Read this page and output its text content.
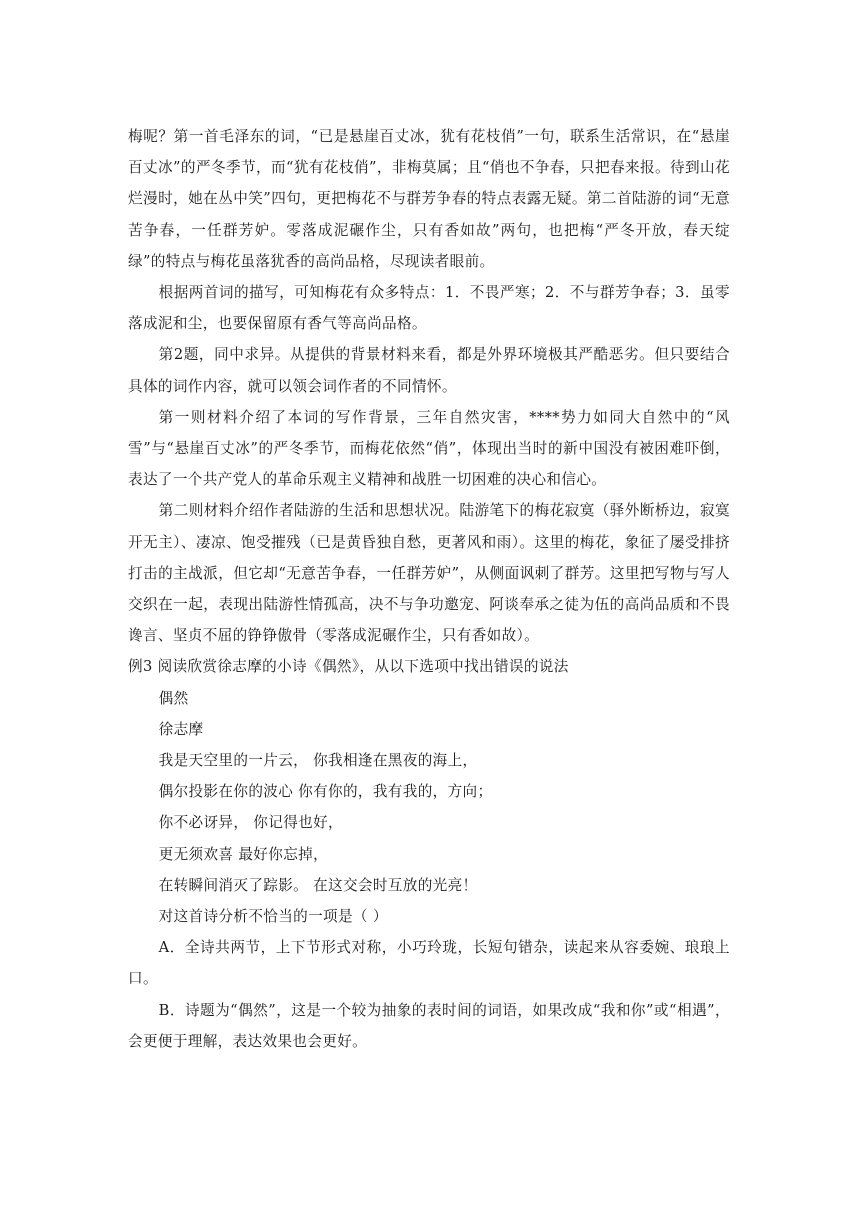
梅呢？第一首毛泽东的词，“已是悬崖百丈冰，犹有花枝俏”一句，联系生活常识，在“悬崖百丈冰”的严冬季节，而“犹有花枝俏”，非梅莫属；且“俏也不争春，只把春来报。待到山花烂漫时，她在丛中笑”四句，更把梅花不与群芳争春的特点表露无疑。第二首陆游的词“无意苦争春，一任群芳妒。零落成泥碾作尘，只有香如故”两句，也把梅“严冬开放，春天绽绿”的特点与梅花虽落犹香的高尚品格，尽现读者眼前。

根据两首词的描写，可知梅花有众多特点：1．不畏严寒；2．不与群芳争春；3．虽零落成泥和尘，也要保留原有香气等高尚品格。

第2题，同中求异。从提供的背景材料来看，都是外界环境极其严酷恶劣。但只要结合具体的词作内容，就可以领会词作者的不同情怀。

第一则材料介绍了本词的写作背景，三年自然灾害，****势力如同大自然中的“风雪”与“悬崖百丈冰”的严冬季节，而梅花依然“俏”，体现出当时的新中国没有被困难吓倒，表达了一个共产党人的革命乐观主义精神和战胜一切困难的决心和信心。

第二则材料介绍作者陆游的生活和思想状况。陆游笔下的梅花寂寞（驿外断桥边，寂寞开无主）、凄凉、饱受摧残（已是黄昏独自愁，更著风和雨）。这里的梅花，象征了屡受排挤打击的主战派，但它却“无意苦争春，一任群芳妒”，从侧面讽刺了群芳。这里把写物与写人交织在一起，表现出陆游性情孤高，决不与争功邀宠、阿谈奉承之徒为伍的高尚品质和不畏谗言、坚贞不屈的铮铮傲骨（零落成泥碾作尘，只有香如故）。

例3 阅读欣赏徐志摩的小诗《偶然》，从以下选项中找出错误的说法

偶然

徐志摩

我是天空里的一片云， 你我相逢在黑夜的海上，

偶尔投影在你的波心 你有你的，我有我的，方向；

你不必讶异， 你记得也好，

更无须欢喜 最好你忘掉，

在转瞬间消灭了踪影。 在这交会时互放的光亮！

对这首诗分析不恰当的一项是（ ）

A．全诗共两节，上下节形式对称，小巧玲珑，长短句错杂，读起来从容委婉、琅琅上口。

B．诗题为“偶然”，这是一个较为抽象的表时间的词语，如果改成“我和你”或“相遇”，会更便于理解，表达效果也会更好。
